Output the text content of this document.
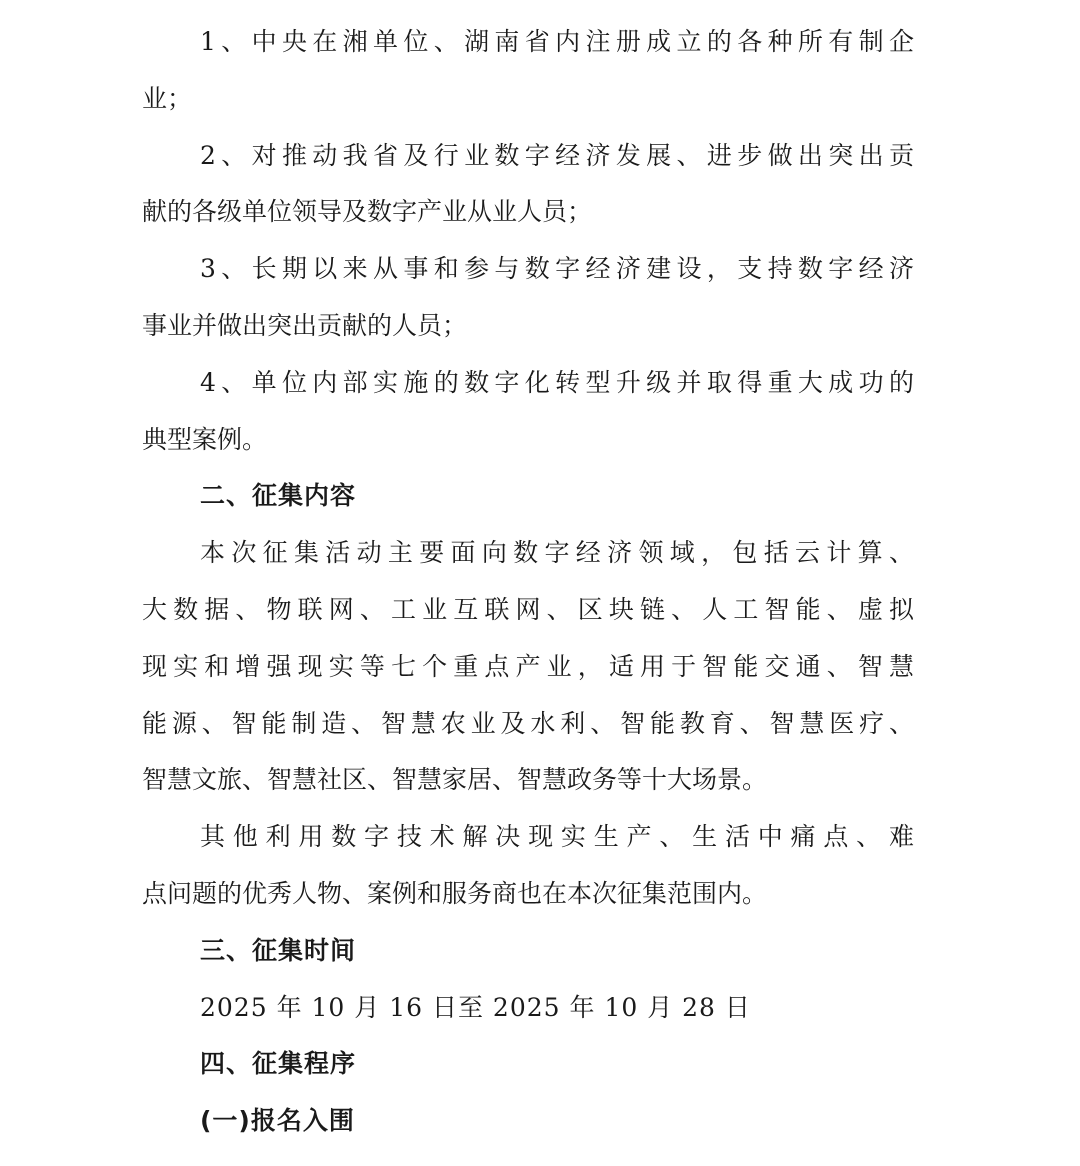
1、中央在湘单位、湖南省内注册成立的各种所有制企
业；
2、对推动我省及行业数字经济发展、进步做出突出贡
献的各级单位领导及数字产业从业人员；
3、长期以来从事和参与数字经济建设，支持数字经济
事业并做出突出贡献的人员；
4、单位内部实施的数字化转型升级并取得重大成功的
典型案例。
二、征集内容
本次征集活动主要面向数字经济领域，包括云计算、
大数据、物联网、工业互联网、区块链、人工智能、虚拟
现实和增强现实等七个重点产业，适用于智能交通、智慧
能源、智能制造、智慧农业及水利、智能教育、智慧医疗、
智慧文旅、智慧社区、智慧家居、智慧政务等十大场景。
其他利用数字技术解决现实生产、生活中痛点、难
点问题的优秀人物、案例和服务商也在本次征集范围内。
三、征集时间
2025 年 10 月 16 日至 2025 年 10 月 28 日
四、征集程序
(一)报名入围
